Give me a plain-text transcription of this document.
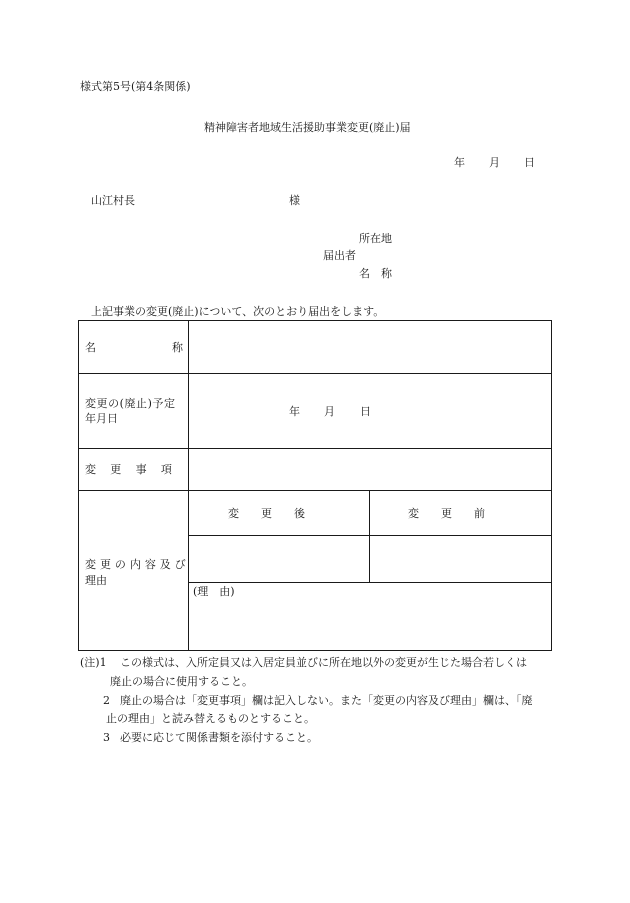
様式第5号(第4条関係)
精神障害者地域生活援助事業変更(廃止)届
年 月 日
山江村長	様
所在地
届出者
名　称
上記事業の変更(廃止)について、次のとおり届出をします。
名	称
変更の(廃止)予定
年月日
年 月 日
変更事項
変　　更　　後	変　　更　　前
変更の内容及び
理由
(理　由)
(注)1 この様式は、入所定員又は入居定員並びに所在地以外の変更が生じた場合若しくは
廃止の場合に使用すること。
2 廃止の場合は「変更事項」欄は記入しない。また「変更の内容及び理由」欄は、「廃
止の理由」と読み替えるものとすること。
3 必要に応じて関係書類を添付すること。
